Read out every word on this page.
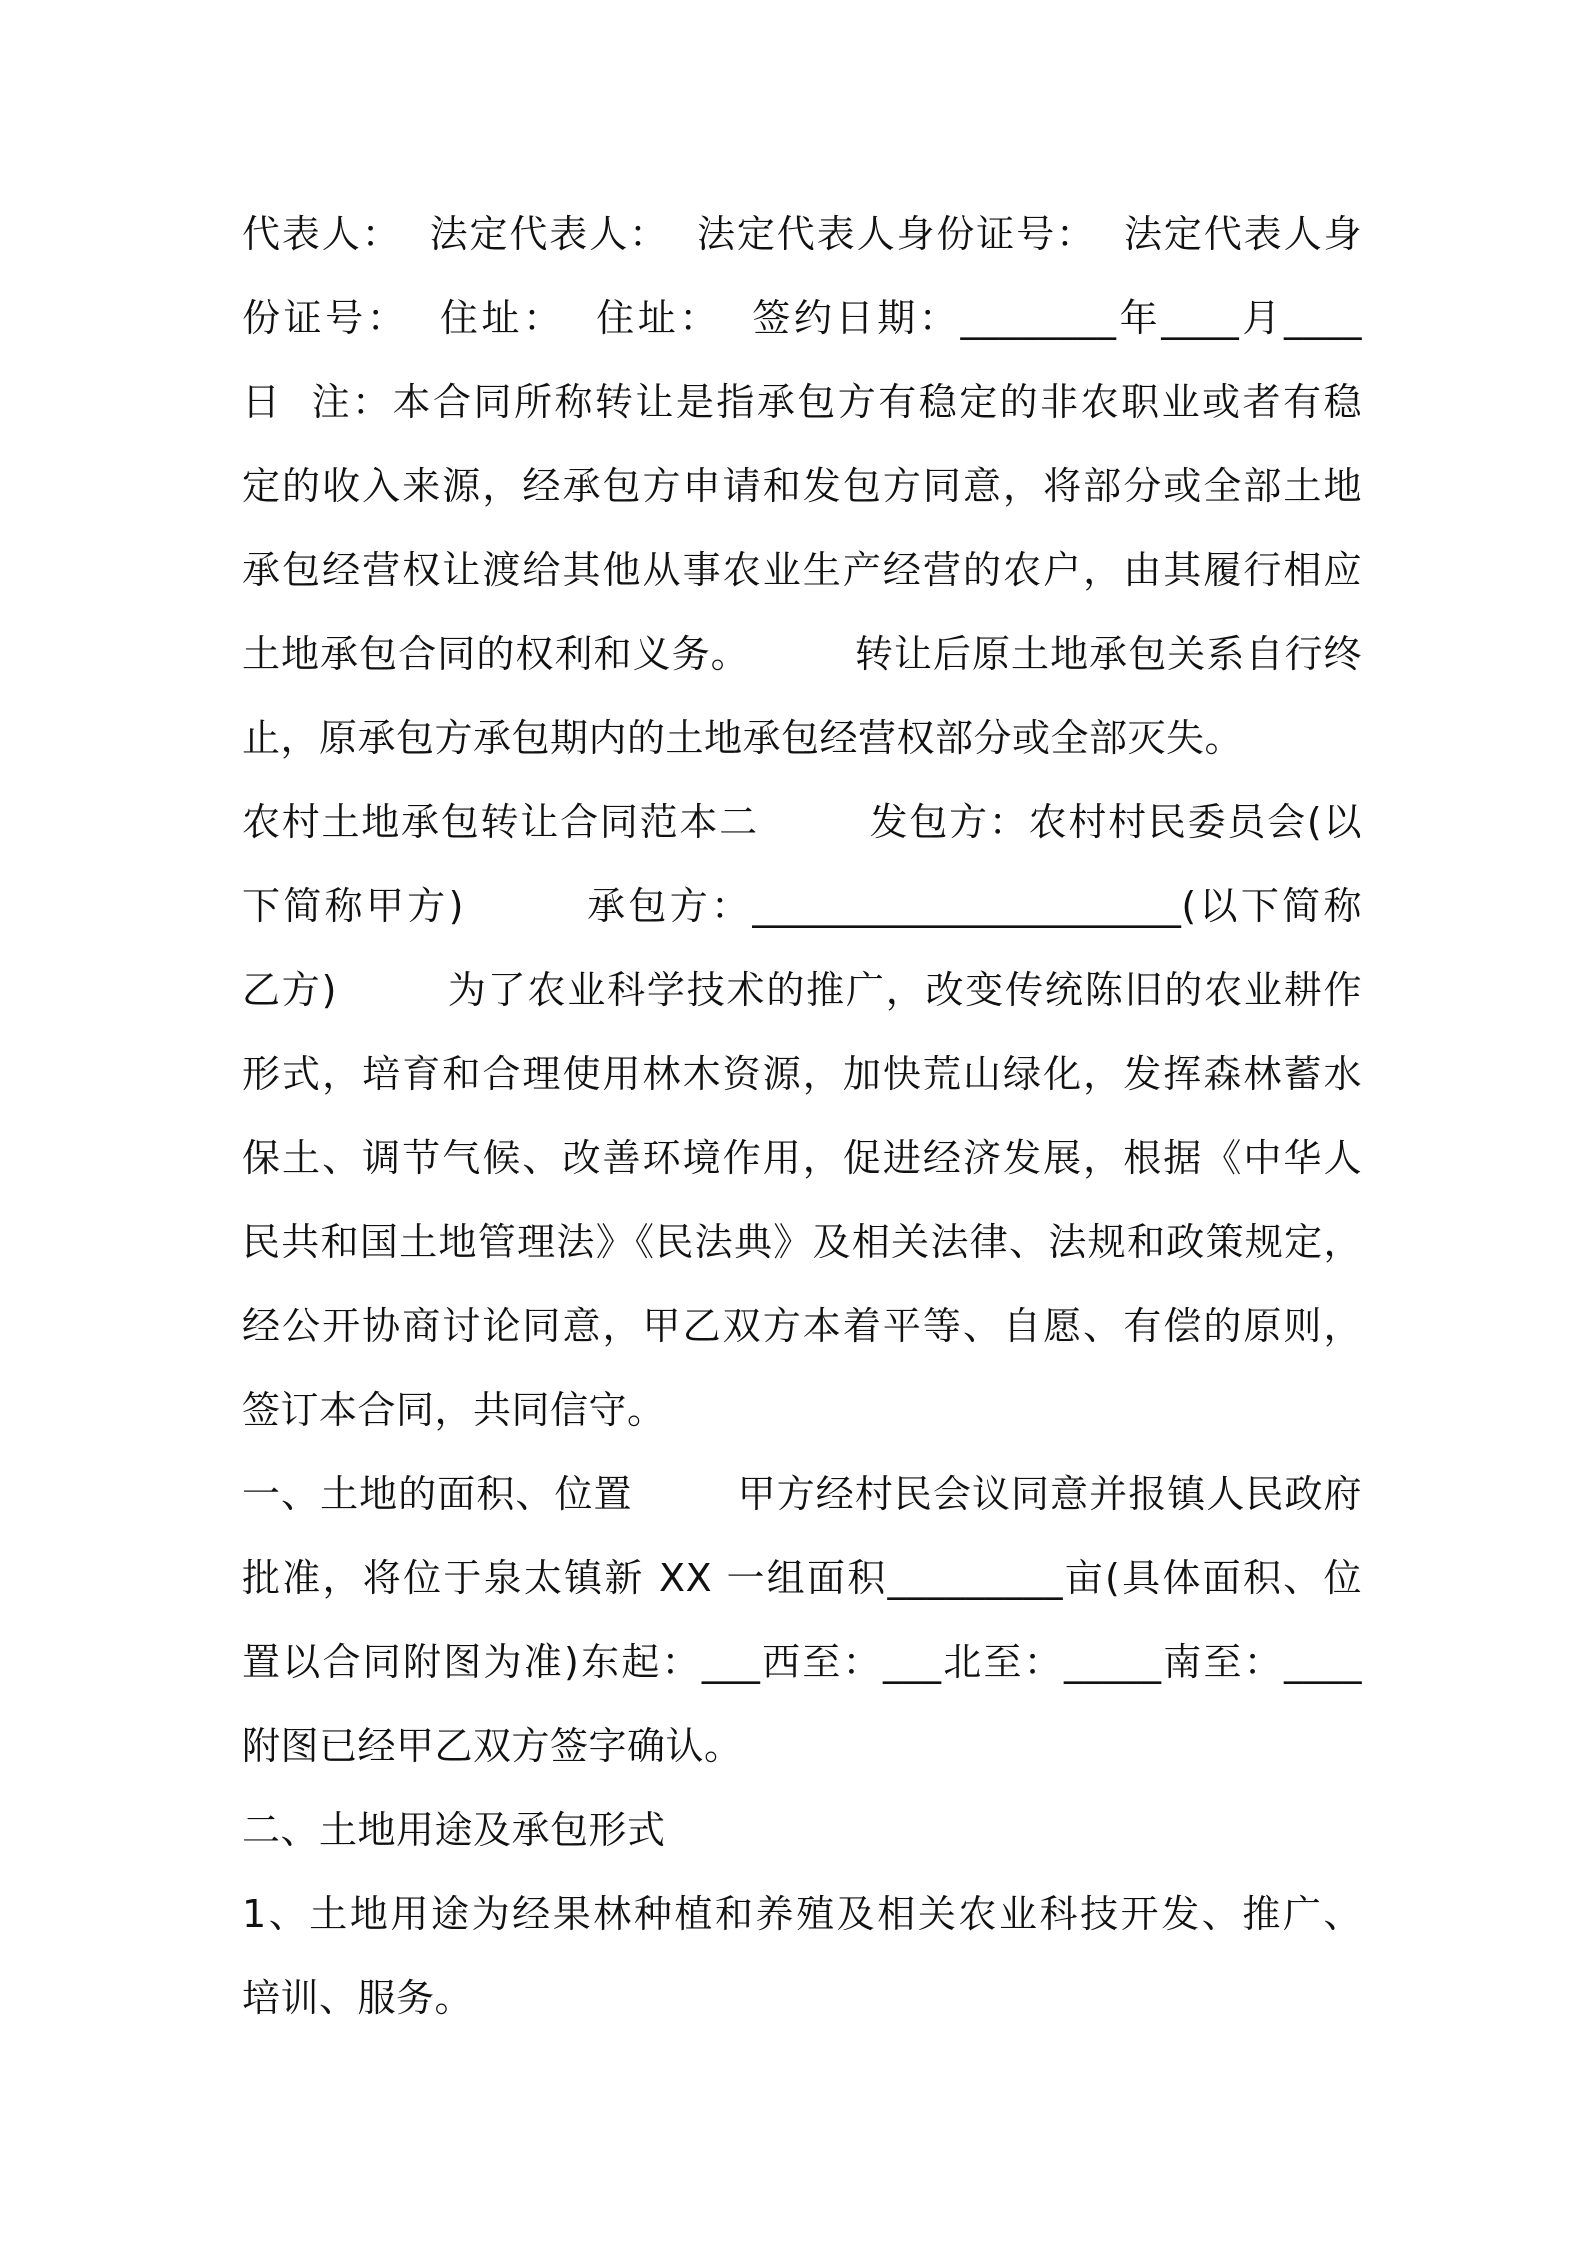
代表人：  法定代表人：  法定代表人身份证号：  法定代表人身
份证号：  住址：  住址：  签约日期：________年____月____
日  注：本合同所称转让是指承包方有稳定的非农职业或者有稳
定的收入来源，经承包方申请和发包方同意，将部分或全部土地
承包经营权让渡给其他从事农业生产经营的农户，由其履行相应
土地承包合同的权利和义务。        转让后原土地承包关系自行终
止，原承包方承包期内的土地承包经营权部分或全部灭失。
农村土地承包转让合同范本二        发包方：农村村民委员会(以
下简称甲方)        承包方：______________________(以下简称
乙方)        为了农业科学技术的推广，改变传统陈旧的农业耕作
形式，培育和合理使用林木资源，加快荒山绿化，发挥森林蓄水
保土、调节气候、改善环境作用，促进经济发展，根据《中华人
民共和国土地管理法》《民法典》及相关法律、法规和政策规定，
经公开协商讨论同意，甲乙双方本着平等、自愿、有偿的原则，
签订本合同，共同信守。
一、土地的面积、位置        甲方经村民会议同意并报镇人民政府
批准，将位于泉太镇新 XX 一组面积_________亩(具体面积、位
置以合同附图为准)东起：___西至：___北至：_____南至：____
附图已经甲乙双方签字确认。
二、土地用途及承包形式
1、土地用途为经果林种植和养殖及相关农业科技开发、推广、
培训、服务。
